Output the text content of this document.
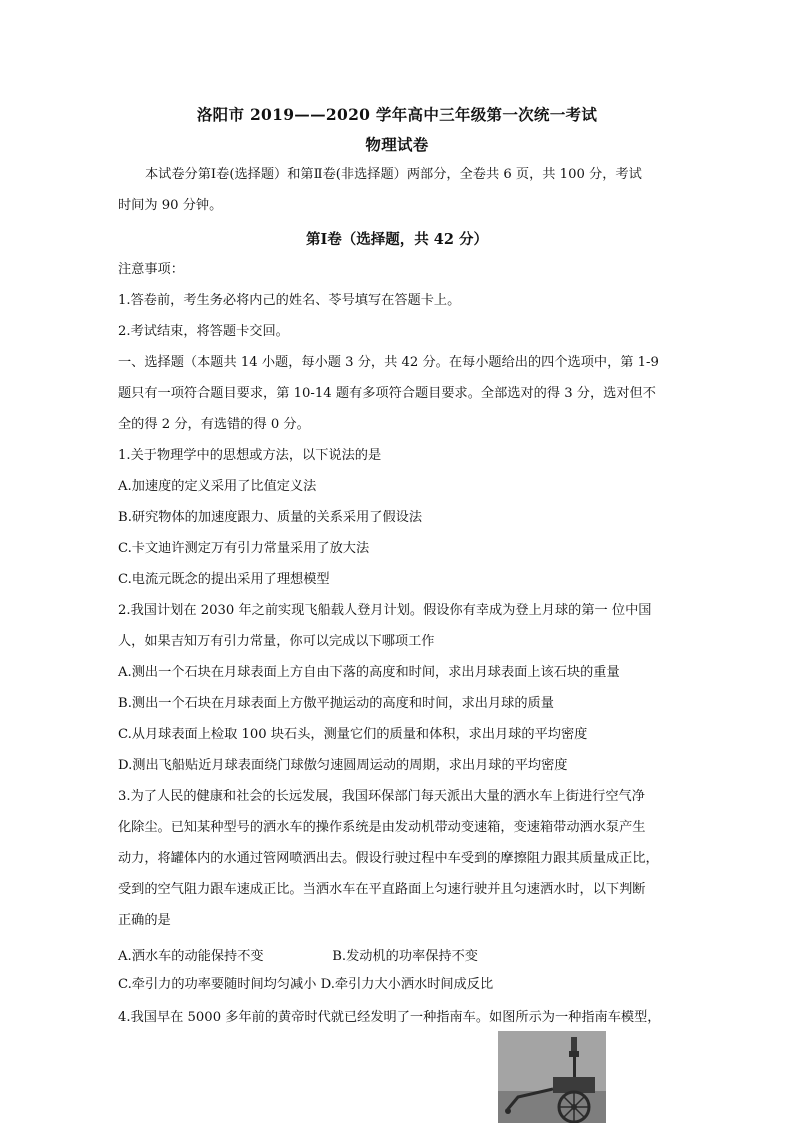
洛阳市 2019——2020 学年高中三年级第一次统一考试
物理试卷
本试卷分第Ⅰ卷(选择题）和第Ⅱ卷(非选择题）两部分，全卷共 6 页，共 100 分，考试
时间为 90 分钟。
第Ⅰ卷（选择题，共 42 分）
注意事项：
1.答卷前，考生务必将内己的姓名、苓号填写在答题卡上。
2.考试结束，将答题卡交回。
一、选择题（本题共 14 小题，每小题 3 分，共 42 分。在每小题给出的四个选项中，第 1-9
题只有一项符合题目要求，第 10-14 题有多项符合题目要求。全部选对的得 3 分，选对但不
全的得 2 分，有选错的得 0 分。
1.关于物理学中的思想或方法，以下说法的是
A.加速度的定义采用了比值定义法
B.研究物体的加速度跟力、质量的关系采用了假设法
C.卡文迪许测定万有引力常量采用了放大法
C.电流元既念的提出采用了理想模型
2.我国计划在 2030 年之前实现飞船载人登月计划。假设你有幸成为登上月球的第一 位中国
人，如果吉知万有引力常量，你可以完成以下哪项工作
A.测出一个石块在月球表面上方自由下落的高度和时间，求出月球表面上该石块的重量
B.测出一个石块在月球表面上方傲平抛运动的高度和时间，求出月球的质量
C.从月球表面上检取 100 块石头，测量它们的质量和体积，求出月球的平均密度
D.测出飞船贴近月球表面绕门球傲匀速圆周运动的周期，求出月球的平均密度
3.为了人民的健康和社会的长远发展，我国环保部门每天派出大量的洒水车上街进行空气净
化除尘。已知某种型号的洒水车的操作系统是由发动机带动变速箱，变速箱带动洒水泵产生
动力，将罐体内的水通过管网喷洒出去。假设行驶过程中车受到的摩擦阻力跟其质量成正比，
受到的空气阻力跟车速成正比。当洒水车在平直路面上匀速行驶并且匀速洒水时，以下判断
正确的是
A.洒水车的动能保持不变	B.发动机的功率保持不变
C.牵引力的功率要随时间均匀减小 D.牵引力大小洒水时间成反比
4.我国早在 5000 多年前的黄帝时代就已经发明了一种指南车。如图所示为一种指南车模型，
